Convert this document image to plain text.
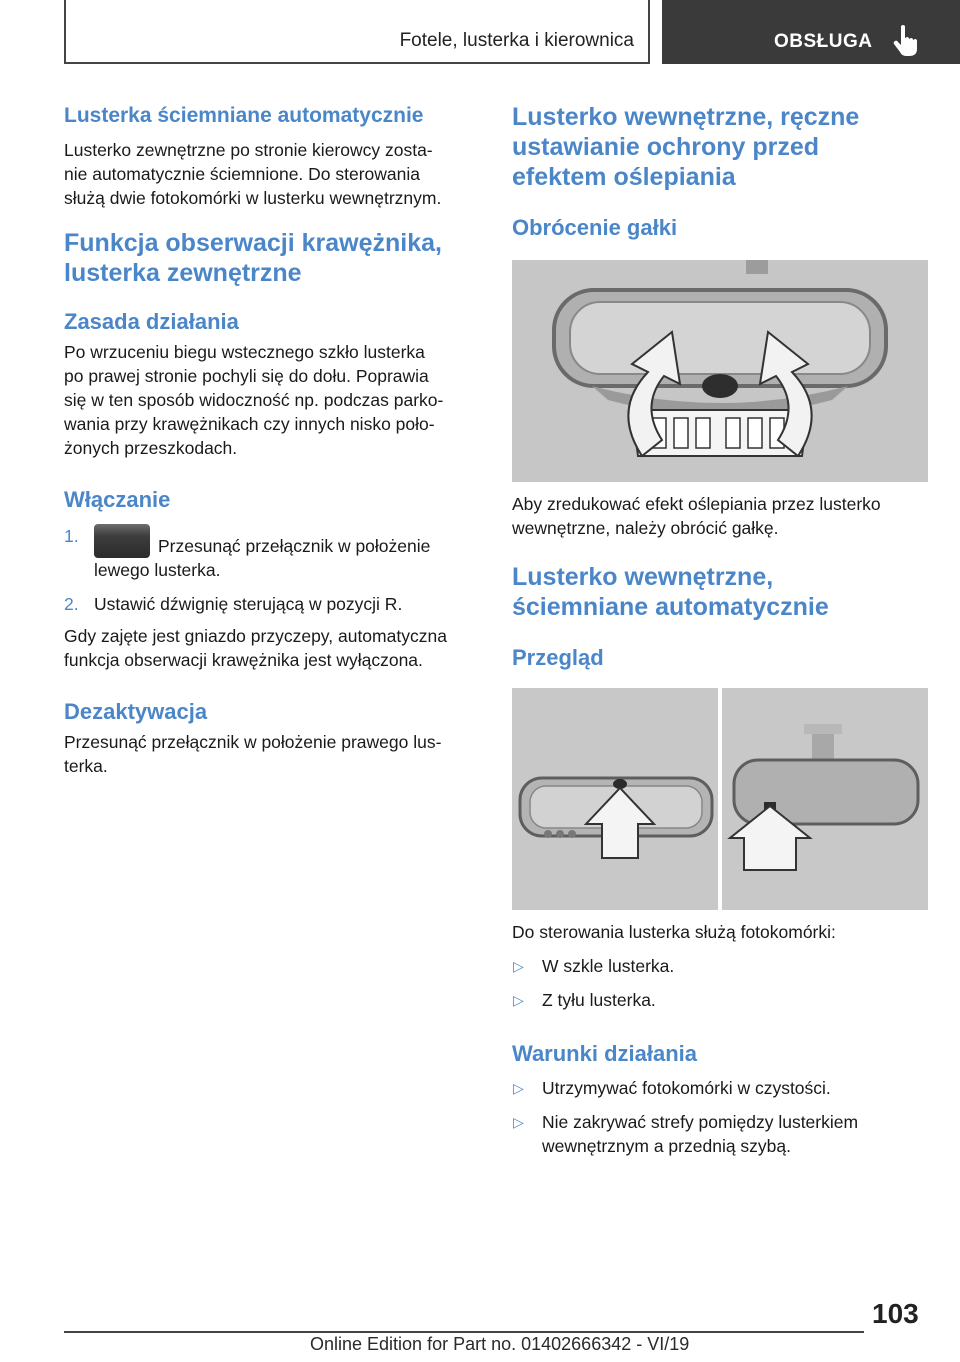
Fotele, lusterka i kierownica	OBSŁUGA
Lusterka ściemniane automatycznie
Lusterko zewnętrzne po stronie kierowcy zosta-
nie automatycznie ściemnione. Do sterowania
służą dwie fotokomórki w lusterku wewnętrznym.
Funkcja obserwacji krawężnika,
lusterka zewnętrzne
Zasada działania
Po wrzuceniu biegu wstecznego szkło lusterka
po prawej stronie pochyli się do dołu. Poprawia
się w ten sposób widoczność np. podczas parko-
wania przy krawężnikach czy innych nisko poło-
żonych przeszkodach.
Włączanie
1.	Przesunąć przełącznik w położenie
lewego lusterka.
2. Ustawić dźwignię sterującą w pozycji R.
Gdy zajęte jest gniazdo przyczepy, automatyczna
funkcja obserwacji krawężnika jest wyłączona.
Dezaktywacja
Przesunąć przełącznik w położenie prawego lus-
terka.
Lusterko wewnętrzne, ręczne
ustawianie ochrony przed
efektem oślepiania
Obrócenie gałki
Aby zredukować efekt oślepiania przez lusterko
wewnętrzne, należy obrócić gałkę.
Lusterko wewnętrzne,
ściemniane automatycznie
Przegląd
Do sterowania lusterka służą fotokomórki:
▷	W szkle lusterka.
▷	Z tyłu lusterka.
Warunki działania
▷	Utrzymywać fotokomórki w czystości.
▷	Nie zakrywać strefy pomiędzy lusterkiem
wewnętrznym a przednią szybą.
103
Online Edition for Part no. 01402666342 - VI/19
